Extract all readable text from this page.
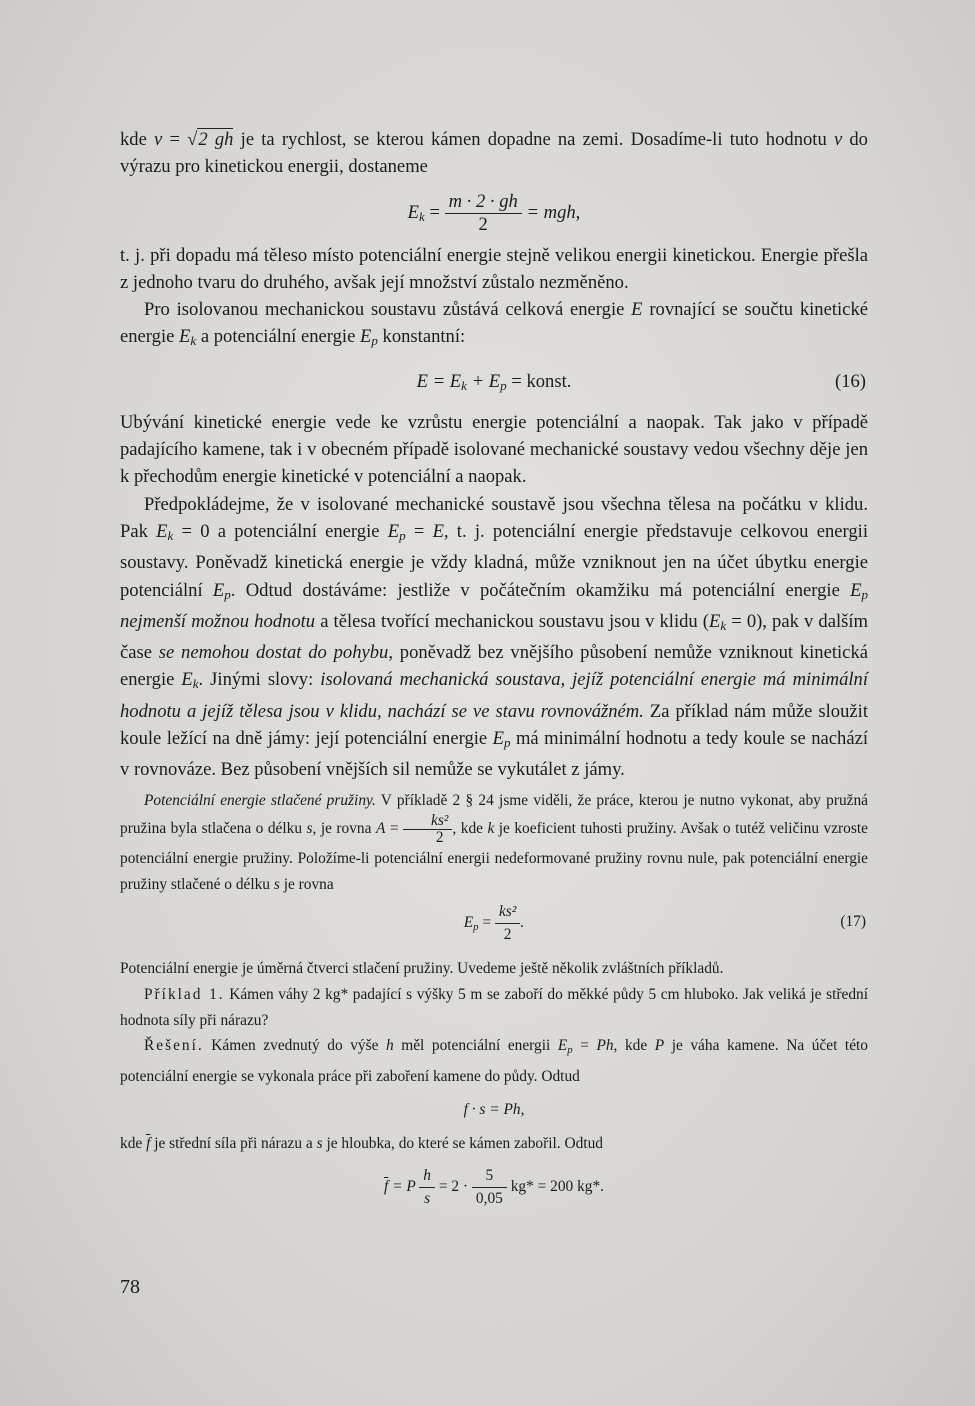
kde v = √2 gh je ta rychlost, se kterou kámen dopadne na zemi. Dosadíme-li tuto hodnotu v do výrazu pro kinetickou energii, dostaneme

$E_k = \frac{m \cdot 2 \cdot gh}{2}$ = mgh,

t. j. při dopadu má těleso místo potenciální energie stejně velikou energii kinetickou. Energie přešla z jednoho tvaru do druhého, avšak její množství zůstalo nezměněno.

Pro isolovanou mechanickou soustavu zůstává celková energie E rovnající se součtu kinetické energie $E_k$ a potenciální energie $E_p$ konstantní:

$E = E_k + E_p$ = konst.	(16)

Ubývání kinetické energie vede ke vzrůstu energie potenciální a naopak. Tak jako v případě padajícího kamene, tak i v obecném případě isolované mechanické soustavy vedou všechny děje jen k přechodům energie kinetické v potenciální a naopak.

Předpokládejme, že v isolované mechanické soustavě jsou všechna tělesa na počátku v klidu. Pak $E_k = 0$ a potenciální energie $E_p = E$, t. j. potenciální energie představuje celkovou energii soustavy. Poněvadž kinetická energie je vždy kladná, může vzniknout jen na účet úbytku energie potenciální $E_p$. Odtud dostáváme: jestliže v počátečním okamžiku má potenciální energie $E_p$ nejmenší možnou hodnotu a tělesa tvořící mechanickou soustavu jsou v klidu $(E_k = 0)$, pak v dalším čase se nemohou dostat do pohybu, poněvadž bez vnějšího působení nemůže vzniknout kinetická energie $E_k$. Jinými slovy: isolovaná mechanická soustava, jejíž potenciální energie má minimální hodnotu a jejíž tělesa jsou v klidu, nachází se ve stavu rovnovážném. Za příklad nám může sloužit koule ležící na dně jámy: její potenciální energie $E_p$ má minimální hodnotu a tedy koule se nachází v rovnováze. Bez působení vnějších sil nemůže se vykutálet z jámy.

Potenciální energie stlačené pružiny. V příkladě 2 § 24 jsme viděli, že práce, kterou je nutno vykonat, aby pružná pružina byla stlačena o délku s, je rovna $A = \frac{\text{ks²}}{2}$ , kde k je koeficient tuhosti pružiny. Avšak o tutéž veličinu vzroste potenciální energie pružiny. Položíme-li potenciální energii nedeformované pružiny rovnu nule, pak potenciální energie pružiny stlačené o délku s je rovna

$E_p = \frac{\text{ks²}}{2}$ .	(17)

Potenciální energie je úměrná čtverci stlačení pružiny. Uvedeme ještě několik zvláštních příkladů.

Příklad 1. Kámen váhy 2 kg* padající s výšky 5 m se zaboří do měkké půdy 5 cm hluboko. Jak veliká je střední hodnota síly při nárazu?

Řešení. Kámen zvednutý do výše h měl potenciální energii $E_p = Ph$, kde P je váha kamene. Na účet této potenciální energie se vykonala práce při zaboření kamene do půdy. Odtud

f · s = Ph,

kde $\overline{f}$ je střední síla při nárazu a s je hloubka, do které se kámen zabořil. Odtud

$\overline{f} = P \frac{h}{s} = 2 \cdot \frac{5}{0,05} kg* = 200$ kg*.
78
